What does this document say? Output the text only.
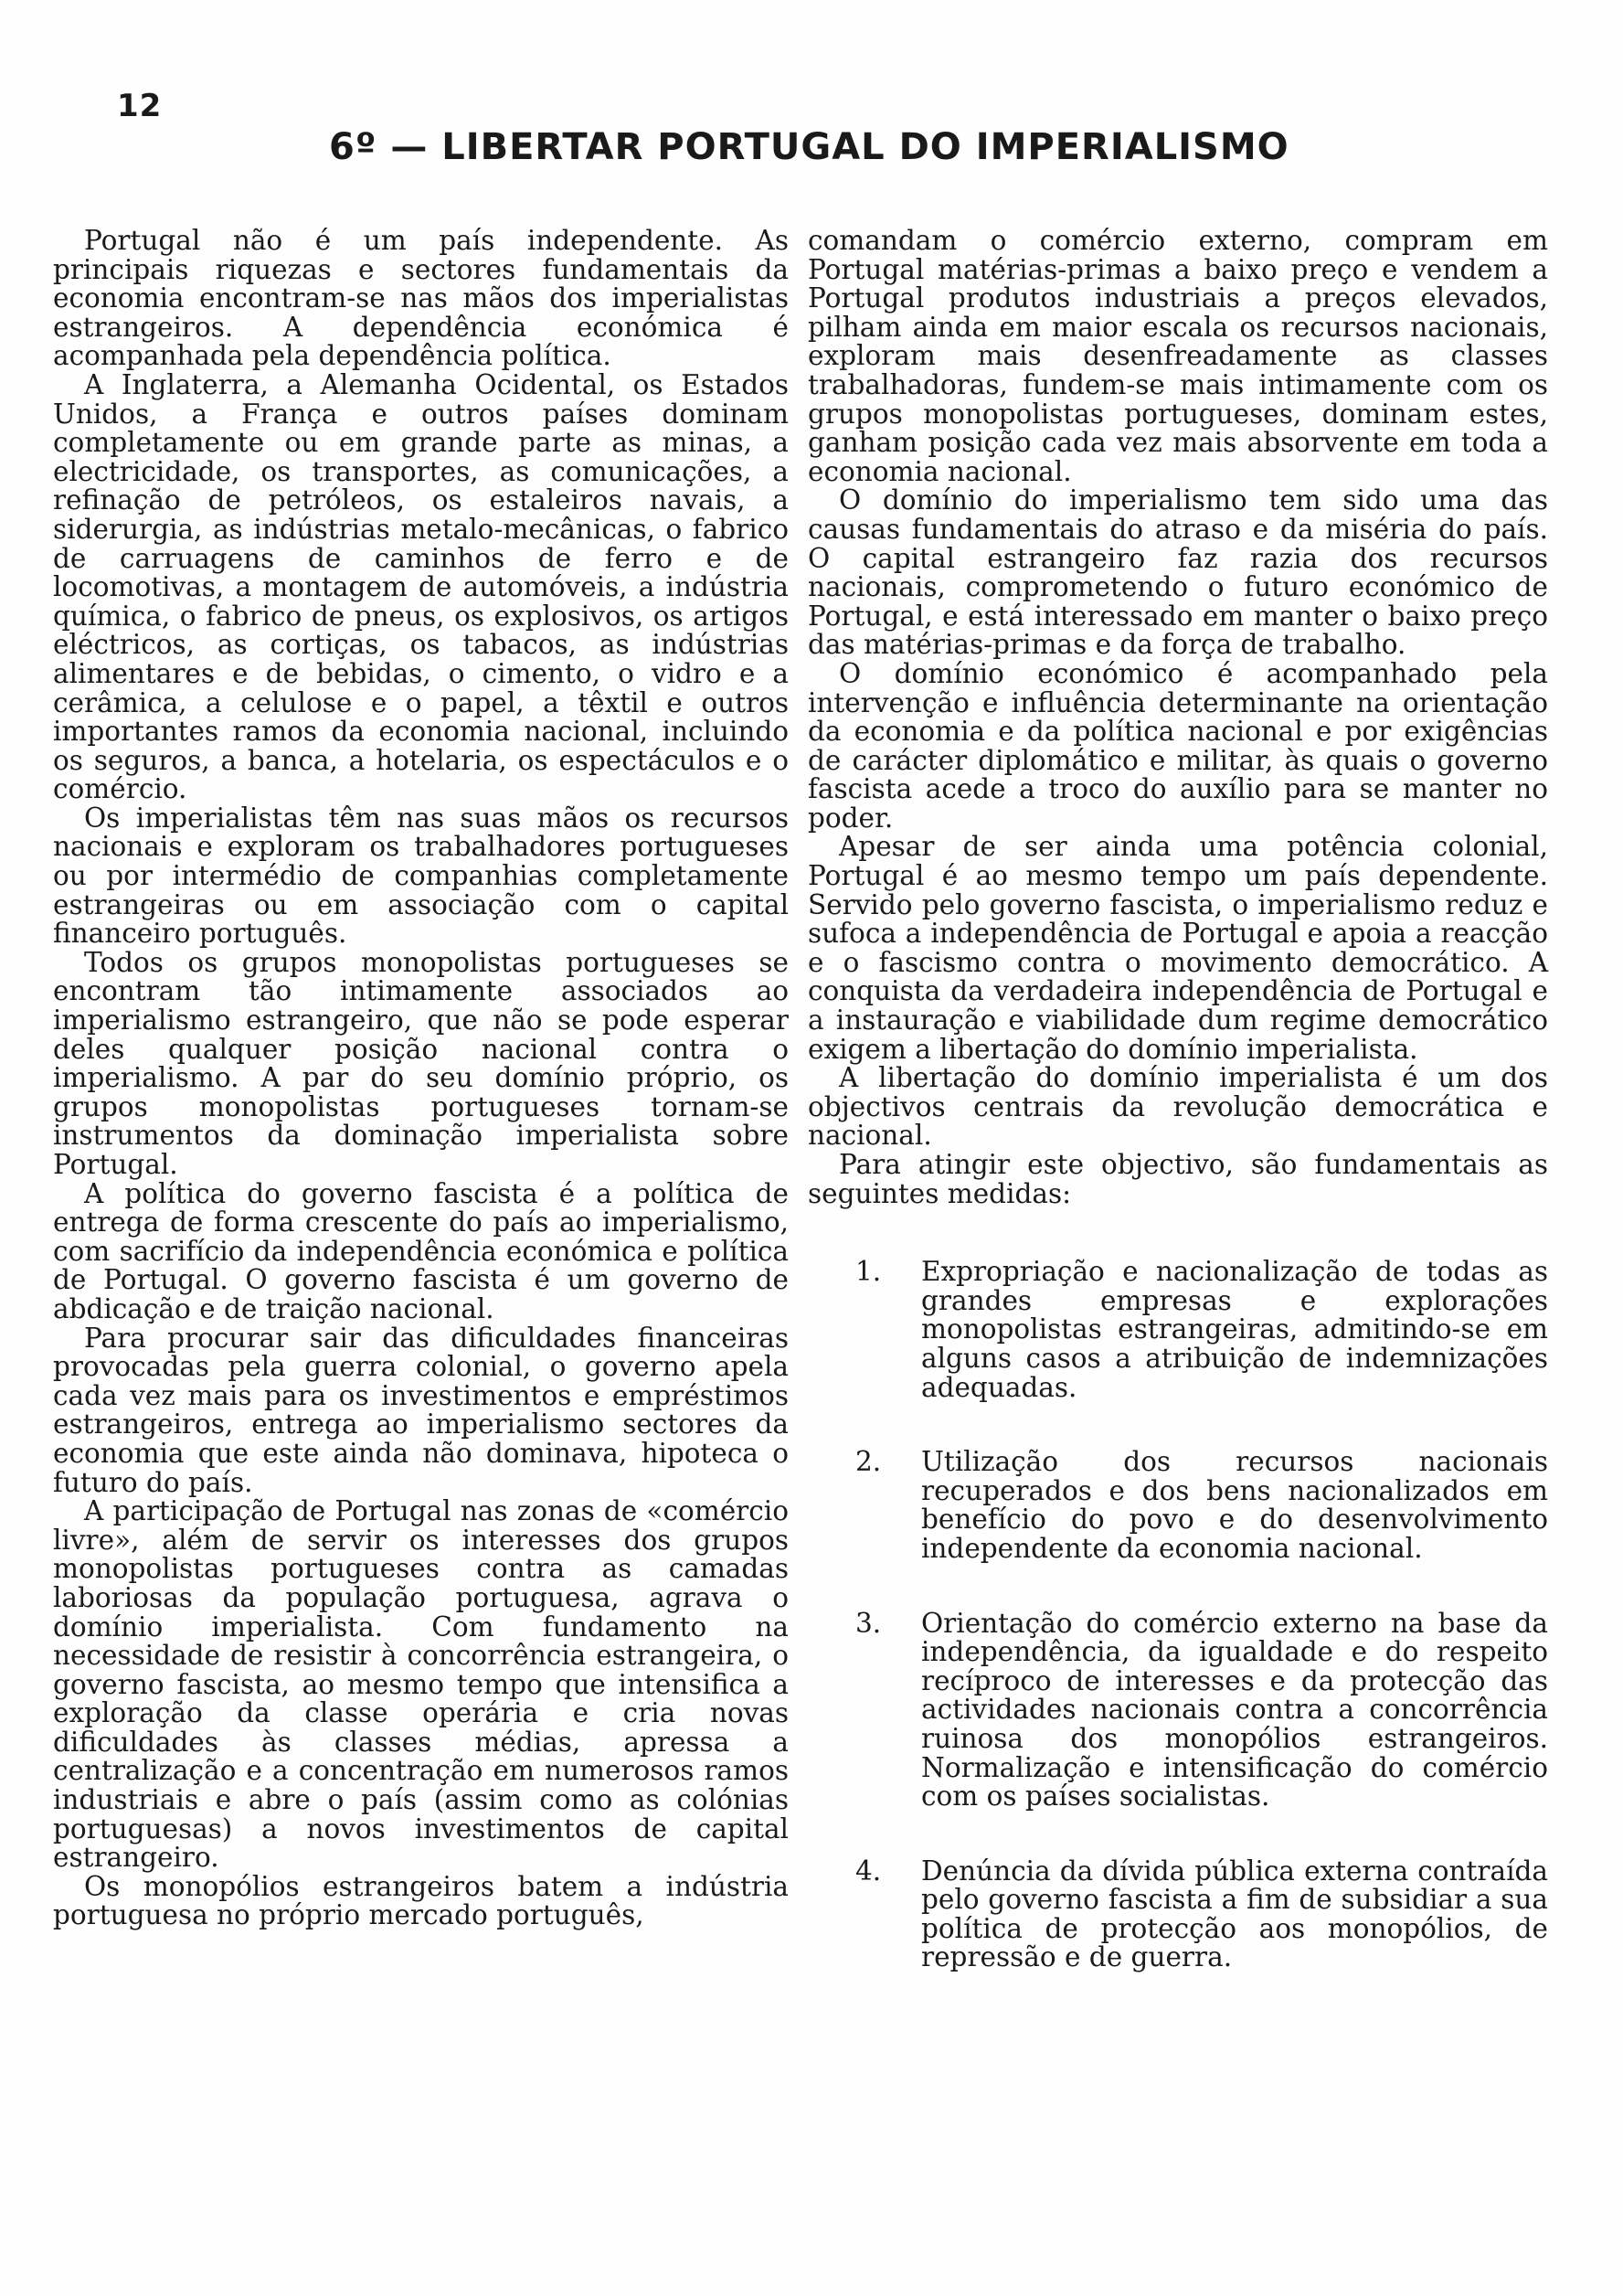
12
6º — LIBERTAR PORTUGAL DO IMPERIALISMO

Portugal não é um país independente. As principais riquezas e sectores fundamentais da economia encontram-se nas mãos dos imperialistas estrangeiros. A dependência económica é acompanhada pela dependência política.

A Inglaterra, a Alemanha Ocidental, os Estados Unidos, a França e outros países dominam completamente ou em grande parte as minas, a electricidade, os transportes, as comunicações, a refinação de petróleos, os estaleiros navais, a siderurgia, as indústrias metalo-mecânicas, o fabrico de carruagens de caminhos de ferro e de locomotivas, a montagem de automóveis, a indústria química, o fabrico de pneus, os explosivos, os artigos eléctricos, as cortiças, os tabacos, as indústrias alimentares e de bebidas, o cimento, o vidro e a cerâmica, a celulose e o papel, a têxtil e outros importantes ramos da economia nacional, incluindo os seguros, a banca, a hotelaria, os espectáculos e o comércio.

Os imperialistas têm nas suas mãos os recursos nacionais e exploram os trabalhadores portugueses ou por intermédio de companhias completamente estrangeiras ou em associação com o capital financeiro português.

Todos os grupos monopolistas portugueses se encontram tão intimamente associados ao imperialismo estrangeiro, que não se pode esperar deles qualquer posição nacional contra o imperialismo. A par do seu domínio próprio, os grupos monopolistas portugueses tornam-se instrumentos da dominação imperialista sobre Portugal.

A política do governo fascista é a política de entrega de forma crescente do país ao imperialismo, com sacrifício da independência económica e política de Portugal. O governo fascista é um governo de abdicação e de traição nacional.

Para procurar sair das dificuldades financeiras provocadas pela guerra colonial, o governo apela cada vez mais para os investimentos e empréstimos estrangeiros, entrega ao imperialismo sectores da economia que este ainda não dominava, hipoteca o futuro do país.

A participação de Portugal nas zonas de «comércio livre», além de servir os interesses dos grupos monopolistas portugueses contra as camadas laboriosas da população portuguesa, agrava o domínio imperialista. Com fundamento na necessidade de resistir à concorrência estrangeira, o governo fascista, ao mesmo tempo que intensifica a exploração da classe operária e cria novas dificuldades às classes médias, apressa a centralização e a concentração em numerosos ramos industriais e abre o país (assim como as colónias portuguesas) a novos investimentos de capital estrangeiro.

Os monopólios estrangeiros batem a indústria portuguesa no próprio mercado português,

comandam o comércio externo, compram em Portugal matérias-primas a baixo preço e vendem a Portugal produtos industriais a preços elevados, pilham ainda em maior escala os recursos nacionais, exploram mais desenfreadamente as classes trabalhadoras, fundem-se mais intimamente com os grupos monopolistas portugueses, dominam estes, ganham posição cada vez mais absorvente em toda a economia nacional.

O domínio do imperialismo tem sido uma das causas fundamentais do atraso e da miséria do país. O capital estrangeiro faz razia dos recursos nacionais, comprometendo o futuro económico de Portugal, e está interessado em manter o baixo preço das matérias-primas e da força de trabalho.

O domínio económico é acompanhado pela intervenção e influência determinante na orientação da economia e da política nacional e por exigências de carácter diplomático e militar, às quais o governo fascista acede a troco do auxílio para se manter no poder.

Apesar de ser ainda uma potência colonial, Portugal é ao mesmo tempo um país dependente. Servido pelo governo fascista, o imperialismo reduz e sufoca a independência de Portugal e apoia a reacção e o fascismo contra o movimento democrático. A conquista da verdadeira independência de Portugal e a instauração e viabilidade dum regime democrático exigem a libertação do domínio imperialista.

A libertação do domínio imperialista é um dos objectivos centrais da revolução democrática e nacional.

Para atingir este objectivo, são fundamentais as seguintes medidas:

1.	Expropriação e nacionalização de todas as grandes empresas e explorações monopolistas estrangeiras, admitindo-se em alguns casos a atribuição de indemnizações adequadas.
2.	Utilização dos recursos nacionais recuperados e dos bens nacionalizados em benefício do povo e do desenvolvimento independente da economia nacional.
3.	Orientação do comércio externo na base da independência, da igualdade e do respeito recíproco de interesses e da protecção das actividades nacionais contra a concorrência ruinosa dos monopólios estrangeiros. Normalização e intensificação do comércio com os países socialistas.
4.	Denúncia da dívida pública externa contraída pelo governo fascista a fim de subsidiar a sua política de protecção aos monopólios, de repressão e de guerra.
